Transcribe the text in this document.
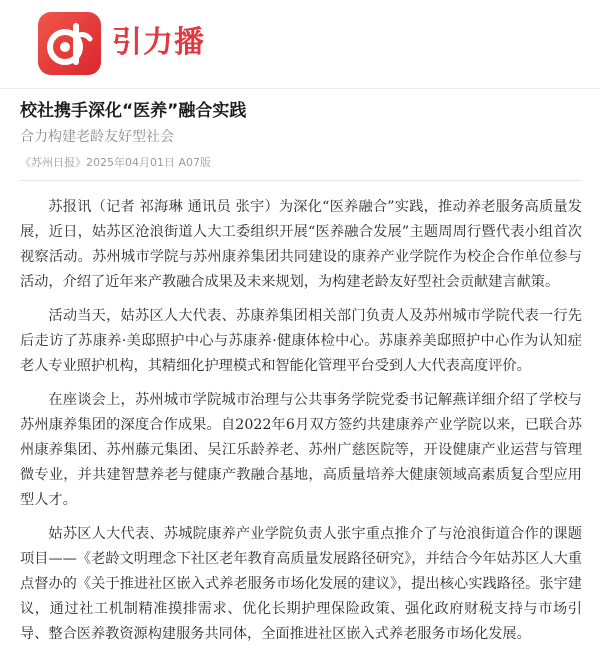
引力播
校社携手深化“医养”融合实践
合力构建老龄友好型社会
《苏州日报》2025年04月01日 A07版

苏报讯（记者 祁海琳 通讯员 张宇）为深化“医养融合”实践，推动养老服务高质量发展，近日，姑苏区沧浪街道人大工委组织开展“医养融合发展”主题周周行暨代表小组首次视察活动。苏州城市学院与苏州康养集团共同建设的康养产业学院作为校企合作单位参与活动，介绍了近年来产教融合成果及未来规划，为构建老龄友好型社会贡献建言献策。

活动当天，姑苏区人大代表、苏康养集团相关部门负责人及苏州城市学院代表一行先后走访了苏康养·美邸照护中心与苏康养·健康体检中心。苏康养美邸照护中心作为认知症老人专业照护机构，其精细化护理模式和智能化管理平台受到人大代表高度评价。

在座谈会上，苏州城市学院城市治理与公共事务学院党委书记解燕详细介绍了学校与苏州康养集团的深度合作成果。自2022年6月双方签约共建康养产业学院以来，已联合苏州康养集团、苏州藤元集团、吴江乐龄养老、苏州广慈医院等，开设健康产业运营与管理微专业，并共建智慧养老与健康产教融合基地，高质量培养大健康领域高素质复合型应用型人才。

姑苏区人大代表、苏城院康养产业学院负责人张宇重点推介了与沧浪街道合作的课题项目——《老龄文明理念下社区老年教育高质量发展路径研究》，并结合今年姑苏区人大重点督办的《关于推进社区嵌入式养老服务市场化发展的建议》，提出核心实践路径。张宇建议，通过社工机制精准摸排需求、优化长期护理保险政策、强化政府财税支持与市场引导、整合医养教资源构建服务共同体，全面推进社区嵌入式养老服务市场化发展。
